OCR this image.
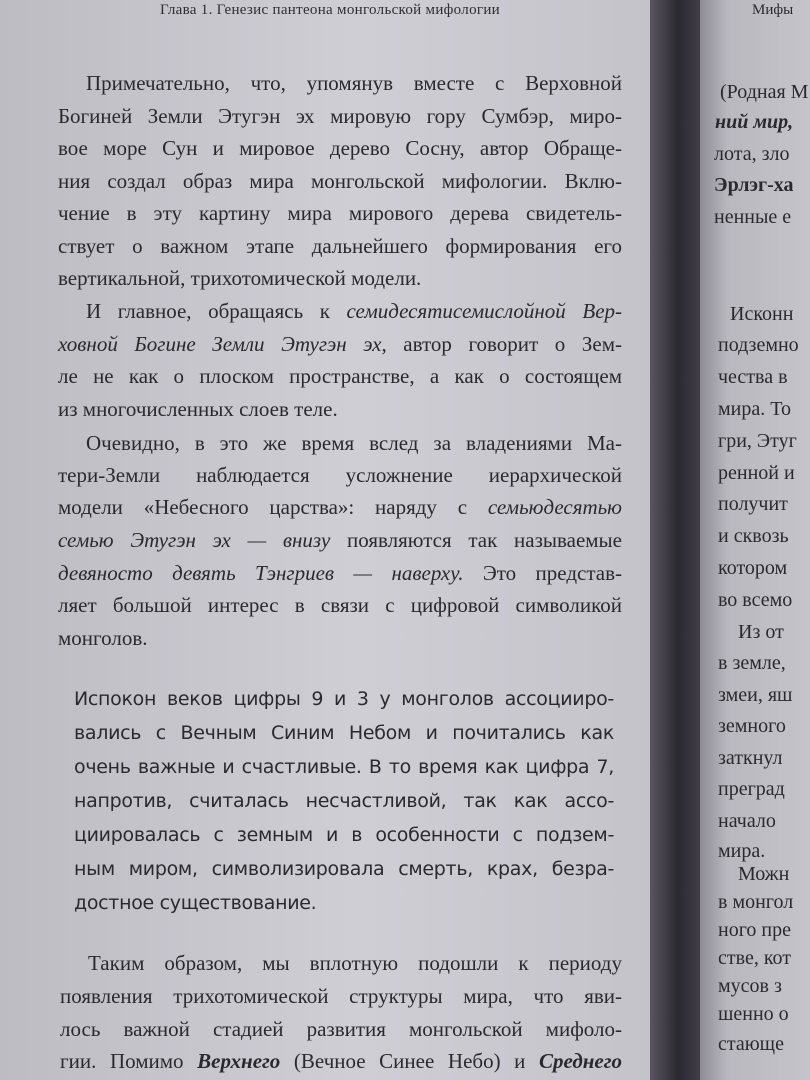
Глава 1. Генезис пантеона монгольской мифологии
Примечательно, что, упомянув вместе с Верховной
Богиней Земли Этугэн эх мировую гору Сумбэр, миро-
вое море Сун и мировое дерево Сосну, автор Обраще-
ния создал образ мира монгольской мифологии. Вклю-
чение в эту картину мира мирового дерева свидетель-
ствует о важном этапе дальнейшего формирования его
вертикальной, трихотомической модели.
И главное, обращаясь к семидесятисемислойной Вер-
ховной Богине Земли Этугэн эх, автор говорит о Зем-
ле не как о плоском пространстве, а как о состоящем
из многочисленных слоев теле.
Очевидно, в это же время вслед за владениями Ма-
тери-Земли наблюдается усложнение иерархической
модели «Небесного царства»: наряду с семьюдесятью
семью Этугэн эх — внизу появляются так называемые
девяносто девять Тэнгриев — наверху. Это представ-
ляет большой интерес в связи с цифровой символикой
монголов.
Испокон веков цифры 9 и 3 у монголов ассоцииро-
вались с Вечным Синим Небом и почитались как
очень важные и счастливые. В то время как цифра 7,
напротив, считалась несчастливой, так как ассо-
циировалась с земным и в особенности с подзем-
ным миром, символизировала смерть, крах, безра-
достное существование.
Таким образом, мы вплотную подошли к периоду
появления трихотомической структуры мира, что яви-
лось важной стадией развития монгольской мифоло-
гии. Помимо Верхнего (Вечное Синее Небо) и Среднего
Мифы
(Родная М
ний мир,
лота, зло
Эрлэг-ха
ненные е
Исконн
подземно
чества в
мира. То
гри, Этуг
ренной и
получит
и сквозь
котором
во всемо
Из от
в земле,
змеи, яш
земного
заткнул
преград
начало
мира.
Можн
в монгол
ного пре
стве, кот
мусов з
шенно о
стающе
